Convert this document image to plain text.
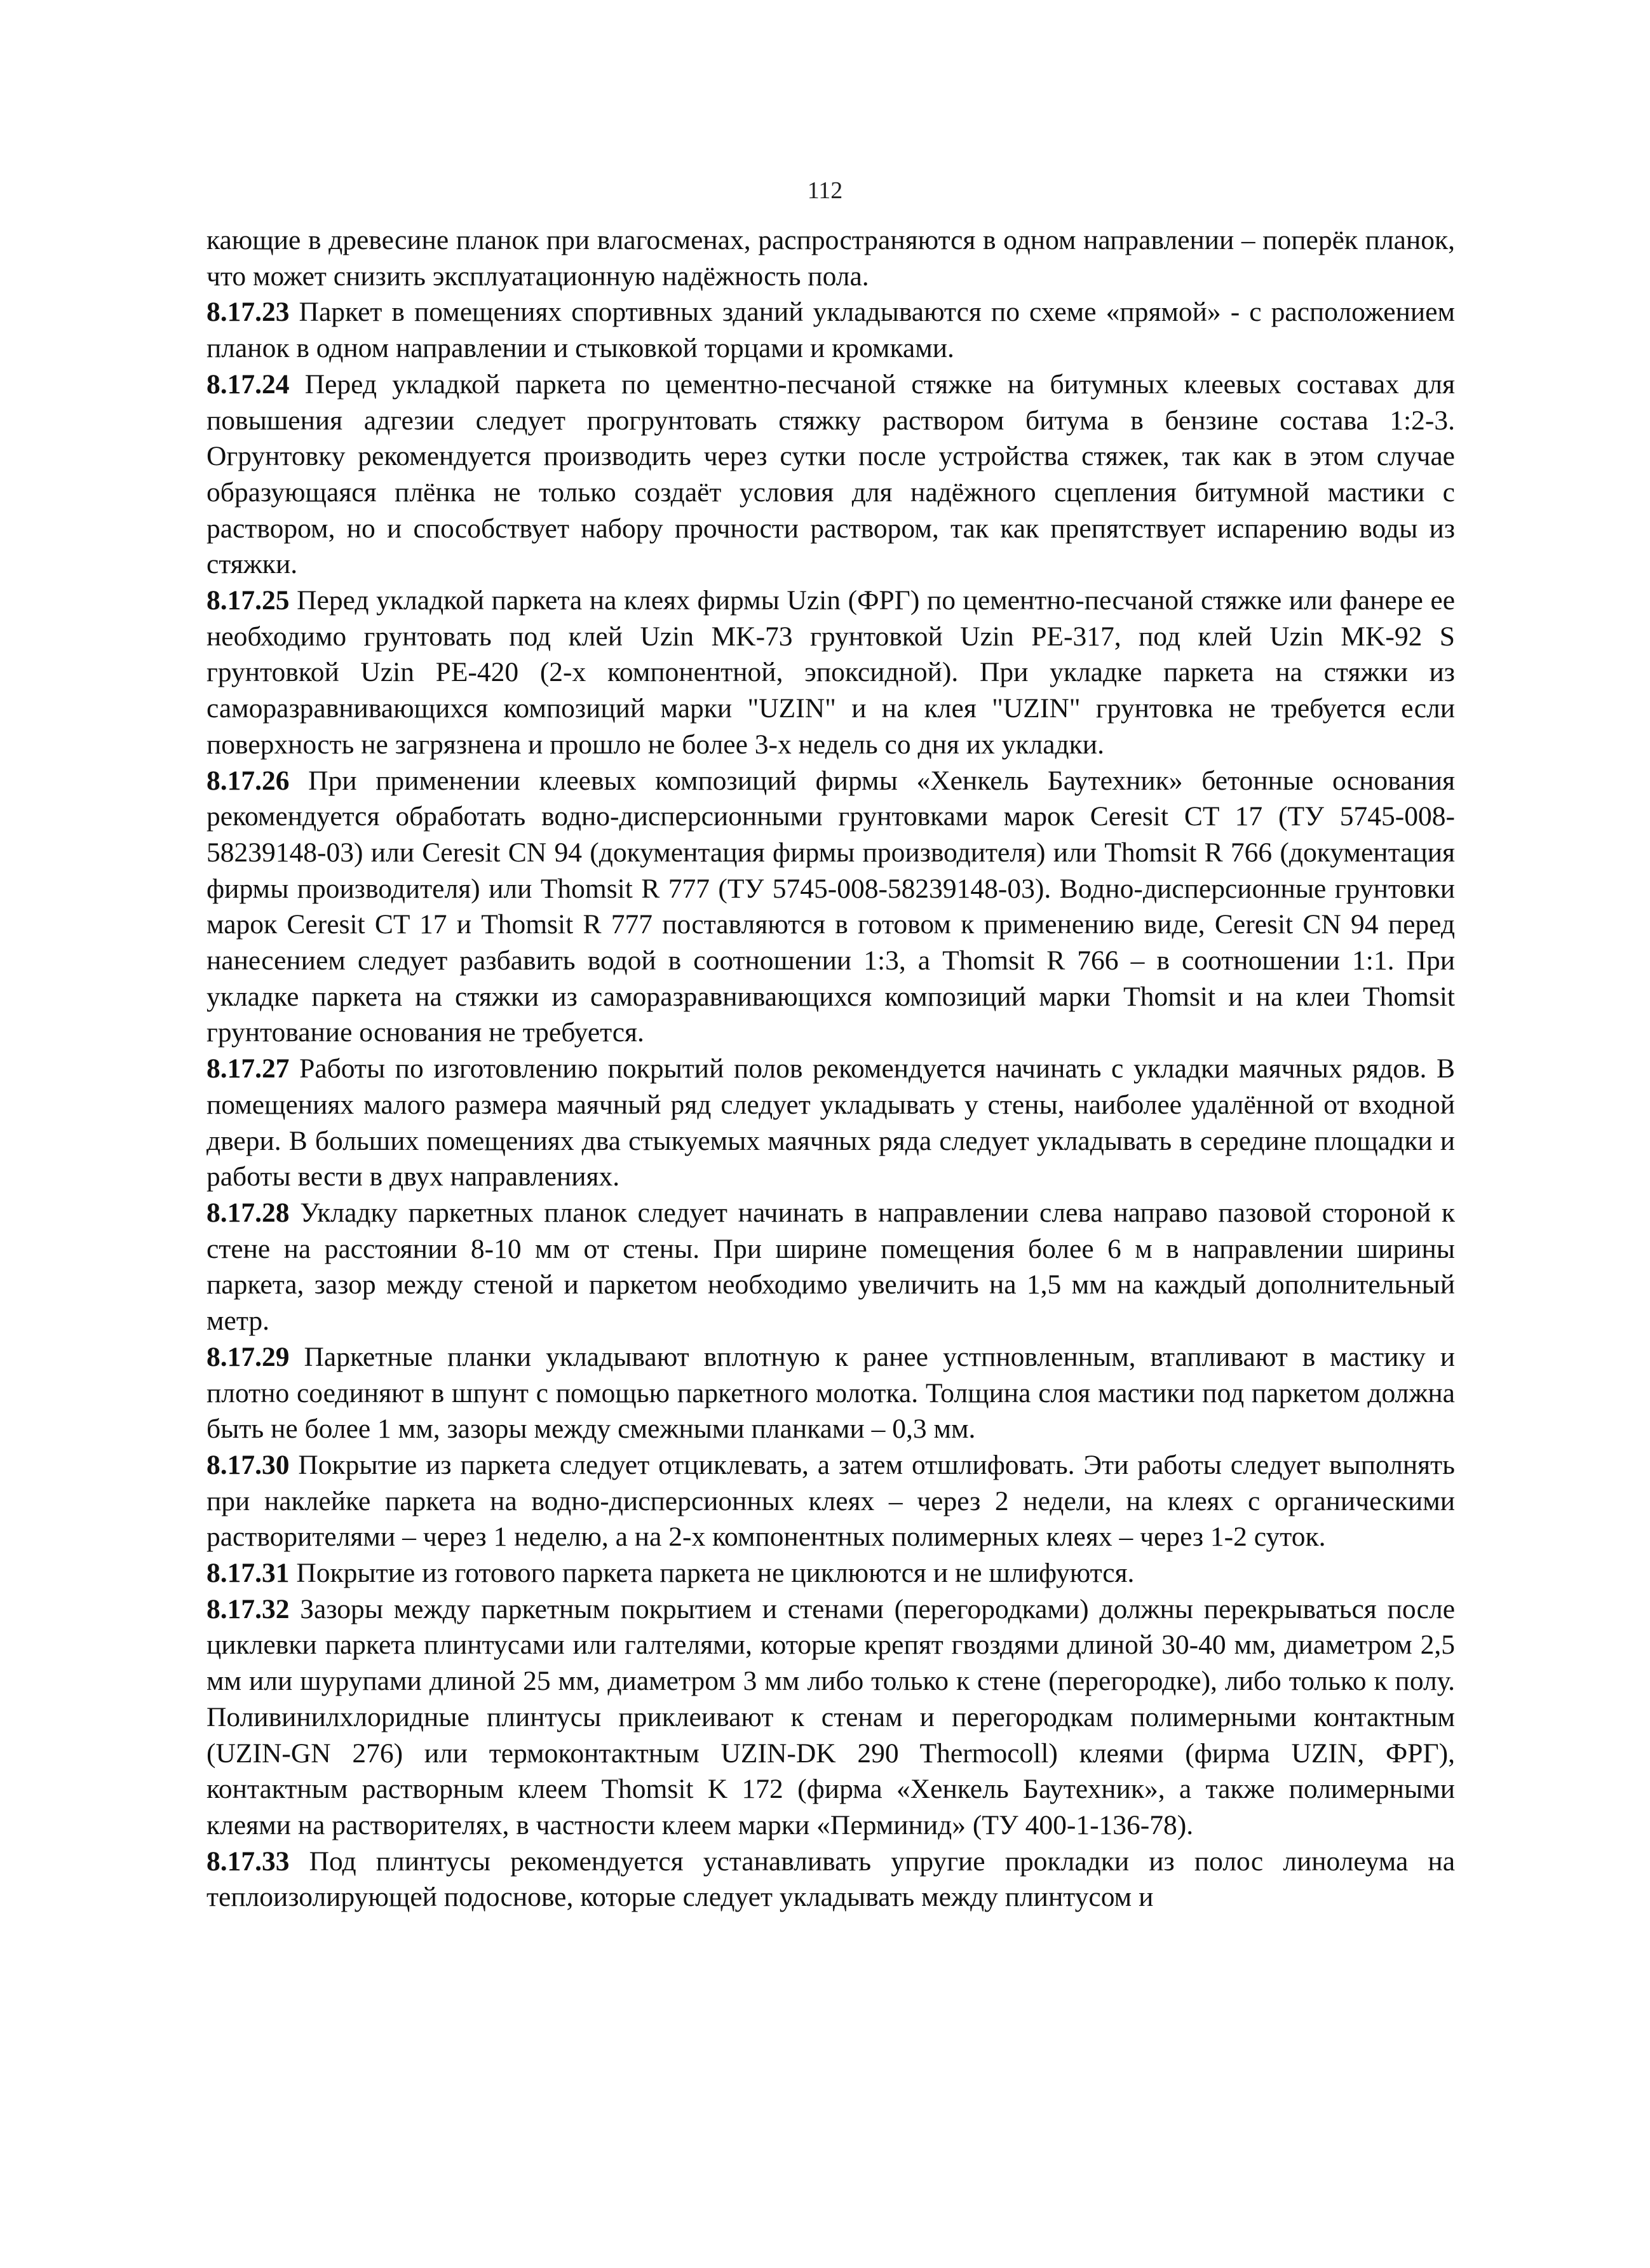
112

кающие в древесине планок при влагосменах, распространяются в одном направлении – поперёк планок, что может снизить эксплуатационную надёжность пола.

8.17.23 Паркет в помещениях спортивных зданий укладываются по схеме «прямой» - с расположением планок в одном направлении и стыковкой торцами и кромками.

8.17.24 Перед укладкой паркета по цементно-песчаной стяжке на битумных клеевых составах для повышения адгезии следует прогрунтовать стяжку раствором битума в бензине состава 1:2-3. Огрунтовку рекомендуется производить через сутки после устройства стяжек, так как в этом случае образующаяся плёнка не только создаёт условия для надёжного сцепления битумной мастики с раствором, но и способствует набору прочности раствором, так как препятствует испарению воды из стяжки.

8.17.25 Перед укладкой паркета на клеях фирмы Uzin (ФРГ) по цементно-песчаной стяжке или фанере ее необходимо грунтовать под клей Uzin MK-73 грунтовкой Uzin PE-317, под клей Uzin MK-92 S грунтовкой Uzin PE-420 (2-х компонентной, эпоксидной). При укладке паркета на стяжки из саморазравнивающихся композиций марки "UZIN" и на клея "UZIN" грунтовка не требуется если поверхность не загрязнена и прошло не более 3-х недель со дня их укладки.

8.17.26 При применении клеевых композиций фирмы «Хенкель Баутехник» бетонные основания рекомендуется обработать водно-дисперсионными грунтовками марок Ceresit CT 17 (ТУ 5745-008-58239148-03) или Ceresit CN 94 (документация фирмы производителя) или Thomsit R 766 (документация фирмы производителя) или Thomsit R 777 (ТУ 5745-008-58239148-03). Водно-дисперсионные грунтовки марок Ceresit CT 17 и Thomsit R 777 поставляются в готовом к применению виде, Ceresit CN 94 перед нанесением следует разбавить водой в соотношении 1:3, а Thomsit R 766 – в соотношении 1:1. При укладке паркета на стяжки из саморазравнивающихся композиций марки Thomsit и на клеи Thomsit грунтование основания не требуется.

8.17.27 Работы по изготовлению покрытий полов рекомендуется начинать с укладки маячных рядов. В помещениях малого размера маячный ряд следует укладывать у стены, наиболее удалённой от входной двери. В больших помещениях два стыкуемых маячных ряда следует укладывать в середине площадки и работы вести в двух направлениях.

8.17.28 Укладку паркетных планок следует начинать в направлении слева направо пазовой стороной к стене на расстоянии 8-10 мм от стены. При ширине помещения более 6 м в направлении ширины паркета, зазор между стеной и паркетом необходимо увеличить на 1,5 мм на каждый дополнительный метр.

8.17.29 Паркетные планки укладывают вплотную к ранее устпновленным, втапливают в мастику и плотно соединяют в шпунт с помощью паркетного молотка. Толщина слоя мастики под паркетом должна быть не более 1 мм, зазоры между смежными планками – 0,3 мм.

8.17.30 Покрытие из паркета следует отциклевать, а затем отшлифовать. Эти работы следует выполнять при наклейке паркета на водно-дисперсионных клеях – через 2 недели, на клеях с органическими растворителями – через 1 неделю, а на 2-х компонентных полимерных клеях – через 1-2 суток.

8.17.31 Покрытие из готового паркета паркета не циклюются и не шлифуются.

8.17.32 Зазоры между паркетным покрытием и стенами (перегородками) должны перекрываться после циклевки паркета плинтусами или галтелями, которые крепят гвоздями длиной 30-40 мм, диаметром 2,5 мм или шурупами длиной 25 мм, диаметром 3 мм либо только к стене (перегородке), либо только к полу. Поливинилхлоридные плинтусы приклеивают к стенам и перегородкам полимерными контактным (UZIN-GN 276) или термоконтактным UZIN-DK 290 Thermocoll) клеями (фирма UZIN, ФРГ), контактным растворным клеем Thomsit K 172 (фирма «Хенкель Баутехник», а также полимерными клеями на растворителях, в частности клеем марки «Перминид» (ТУ 400-1-136-78).

8.17.33 Под плинтусы рекомендуется устанавливать упругие прокладки из полос линолеума на теплоизолирующей подоснове, которые следует укладывать между плинтусом и
